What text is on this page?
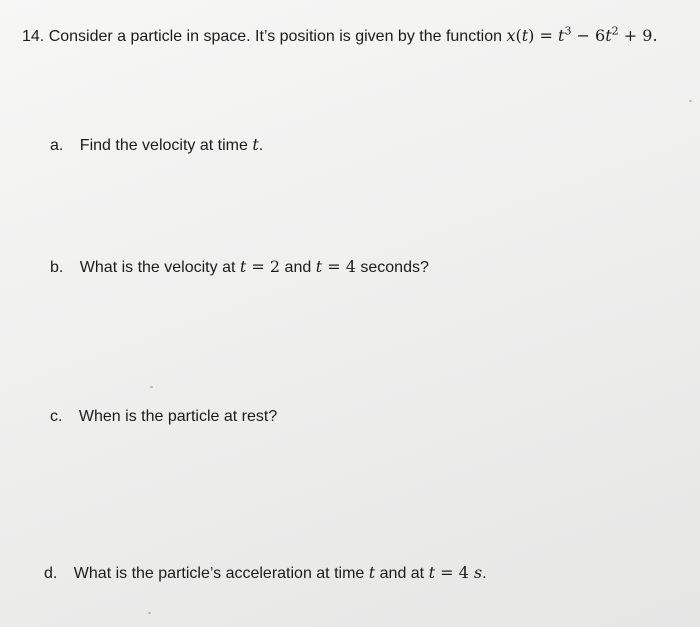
14. Consider a particle in space. It’s position is given by the function $x(t) = t^3 - 6t^2 + 9$.
a. Find the velocity at time t.
b. What is the velocity at t = 2 and t = 4 seconds?
c. When is the particle at rest?
d. What is the particle’s acceleration at time t and at t = 4 s.
